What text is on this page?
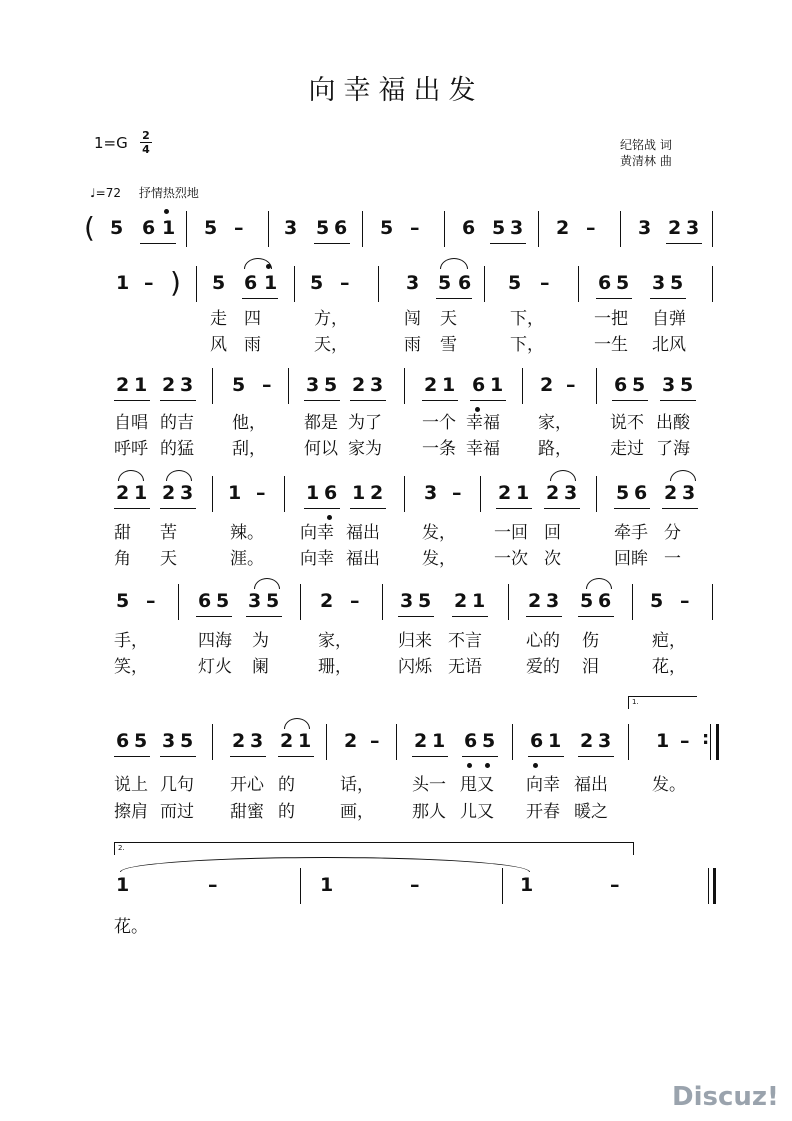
向幸福出发
1=G 2
4	纪铭战 词
黄清林 曲
♩=72 抒情热烈地
( 5 6 1 5 – 3 5 6 5 – 6 5 3 2 – 3 2 3
1 – ) 5 6 1 5 –	3 5 6 5 –	6 5 3 5
走 四	方，	闯 天	下，	一把 自弹
风 雨	天，	雨 雪	下，	一生 北风
2 1 2 3 5 – 3 5 2 3 2 1 6 1 2 – 6 5 3 5
自唱 的吉 他， 都是 为了 一个 幸福 家， 说不 出酸
呼呼 的猛 刮， 何以 家为 一条 幸福 路， 走过 了海
2 1 2 3 1 – 1 6 1 2 3 – 2 1 2 3 5 6 2 3
甜 苦	辣。 向幸 福出 发， 一回 回	牵手 分
角 天	涯。 向幸 福出 发， 一次 次	回眸 一
5 – 6 5 3 5 2 – 3 5 2 1 2 3 5 6 5 –
手，	四海 为	家，	归来 不言	心的 伤	疤，
笑，	灯火 阑	珊，	闪烁 无语	爱的 泪	花，
1.
6 5 3 5 2 3 2 1 2 – 2 1 6 5 6 1 2 3 1 – :
说上 几句 开心 的	话， 头一 甩又 向幸 福出	发。
擦肩 而过 甜蜜 的	画， 那人 儿又 开春 暖之
2.
1	–	1	–	1	–
花。
Discuz!
